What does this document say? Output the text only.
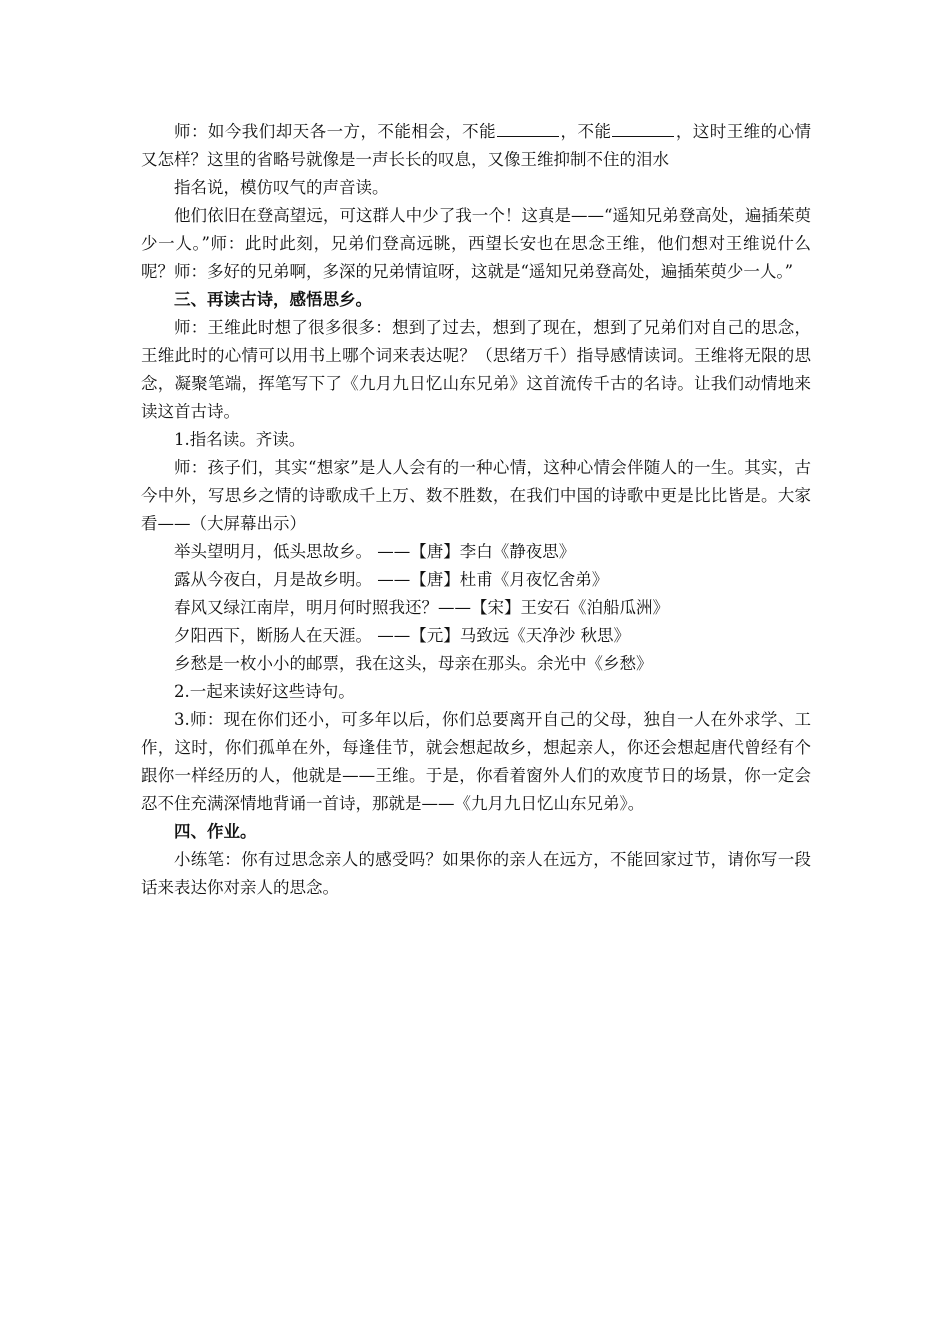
师：如今我们却天各一方，不能相会，不能	，不能	，这时王维的心情又怎样？这里的省略号就像是一声长长的叹息，又像王维抑制不住的泪水

指名说，模仿叹气的声音读。

他们依旧在登高望远，可这群人中少了我一个！这真是——“遥知兄弟登高处，遍插茱萸少一人。”师：此时此刻，兄弟们登高远眺，西望长安也在思念王维，他们想对王维说什么呢？师：多好的兄弟啊，多深的兄弟情谊呀，这就是“遥知兄弟登高处，遍插茱萸少一人。”

三、再读古诗，感悟思乡。

师：王维此时想了很多很多：想到了过去，想到了现在，想到了兄弟们对自己的思念，王维此时的心情可以用书上哪个词来表达呢？（思绪万千）指导感情读词。王维将无限的思念，凝聚笔端，挥笔写下了《九月九日忆山东兄弟》这首流传千古的名诗。让我们动情地来读这首古诗。

1.指名读。齐读。

师：孩子们，其实“想家”是人人会有的一种心情，这种心情会伴随人的一生。其实，古今中外，写思乡之情的诗歌成千上万、数不胜数，在我们中国的诗歌中更是比比皆是。大家看——（大屏幕出示）

举头望明月，低头思故乡。 ——【唐】李白《静夜思》

露从今夜白，月是故乡明。 ——【唐】杜甫《月夜忆舍弟》

春风又绿江南岸，明月何时照我还？——【宋】王安石《泊船瓜洲》

夕阳西下，断肠人在天涯。 ——【元】马致远《天净沙 秋思》

乡愁是一枚小小的邮票，我在这头，母亲在那头。余光中《乡愁》

2.一起来读好这些诗句。

3.师：现在你们还小，可多年以后，你们总要离开自己的父母，独自一人在外求学、工作，这时，你们孤单在外，每逢佳节，就会想起故乡，想起亲人，你还会想起唐代曾经有个跟你一样经历的人，他就是——王维。于是，你看着窗外人们的欢度节日的场景，你一定会忍不住充满深情地背诵一首诗，那就是——《九月九日忆山东兄弟》。

四、作业。

小练笔：你有过思念亲人的感受吗？如果你的亲人在远方，不能回家过节，请你写一段话来表达你对亲人的思念。
